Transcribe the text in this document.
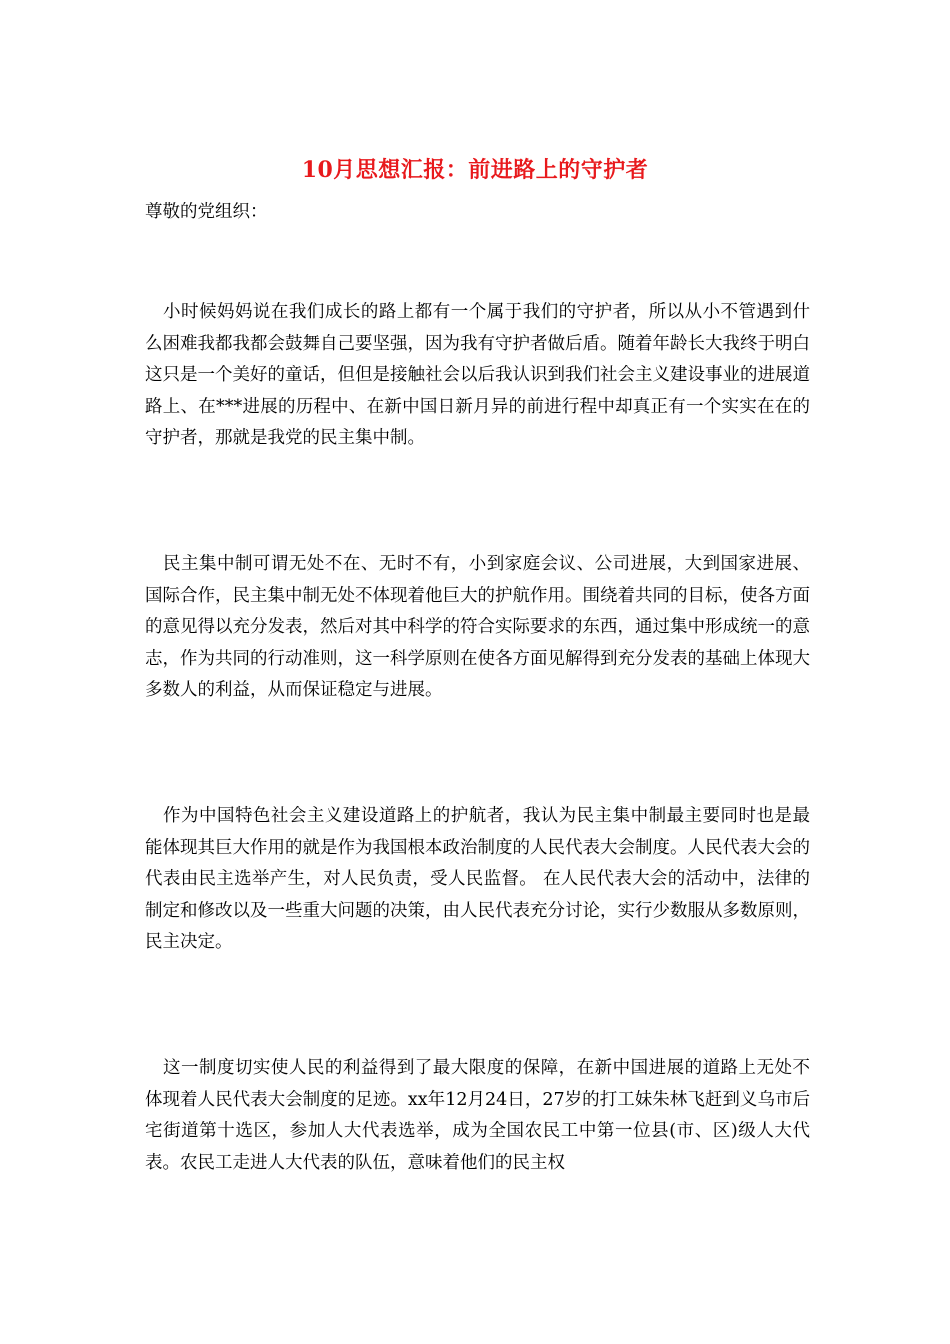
10月思想汇报：前进路上的守护者
尊敬的党组织：

小时候妈妈说在我们成长的路上都有一个属于我们的守护者，所以从小不管遇到什么困难我都我都会鼓舞自己要坚强，因为我有守护者做后盾。随着年龄长大我终于明白这只是一个美好的童话，但但是接触社会以后我认识到我们社会主义建设事业的进展道路上、在***进展的历程中、在新中国日新月异的前进行程中却真正有一个实实在在的守护者，那就是我党的民主集中制。

民主集中制可谓无处不在、无时不有，小到家庭会议、公司进展，大到国家进展、国际合作，民主集中制无处不体现着他巨大的护航作用。围绕着共同的目标，使各方面的意见得以充分发表，然后对其中科学的符合实际要求的东西，通过集中形成统一的意志，作为共同的行动准则，这一科学原则在使各方面见解得到充分发表的基础上体现大多数人的利益，从而保证稳定与进展。

作为中国特色社会主义建设道路上的护航者，我认为民主集中制最主要同时也是最能体现其巨大作用的就是作为我国根本政治制度的人民代表大会制度。人民代表大会的代表由民主选举产生，对人民负责，受人民监督。 在人民代表大会的活动中，法律的制定和修改以及一些重大问题的决策，由人民代表充分讨论，实行少数服从多数原则，民主决定。

这一制度切实使人民的利益得到了最大限度的保障，在新中国进展的道路上无处不体现着人民代表大会制度的足迹。xx年12月24日，27岁的打工妹朱林飞赶到义乌市后宅街道第十选区，参加人大代表选举，成为全国农民工中第一位县(市、区)级人大代表。农民工走进人大代表的队伍，意味着他们的民主权
